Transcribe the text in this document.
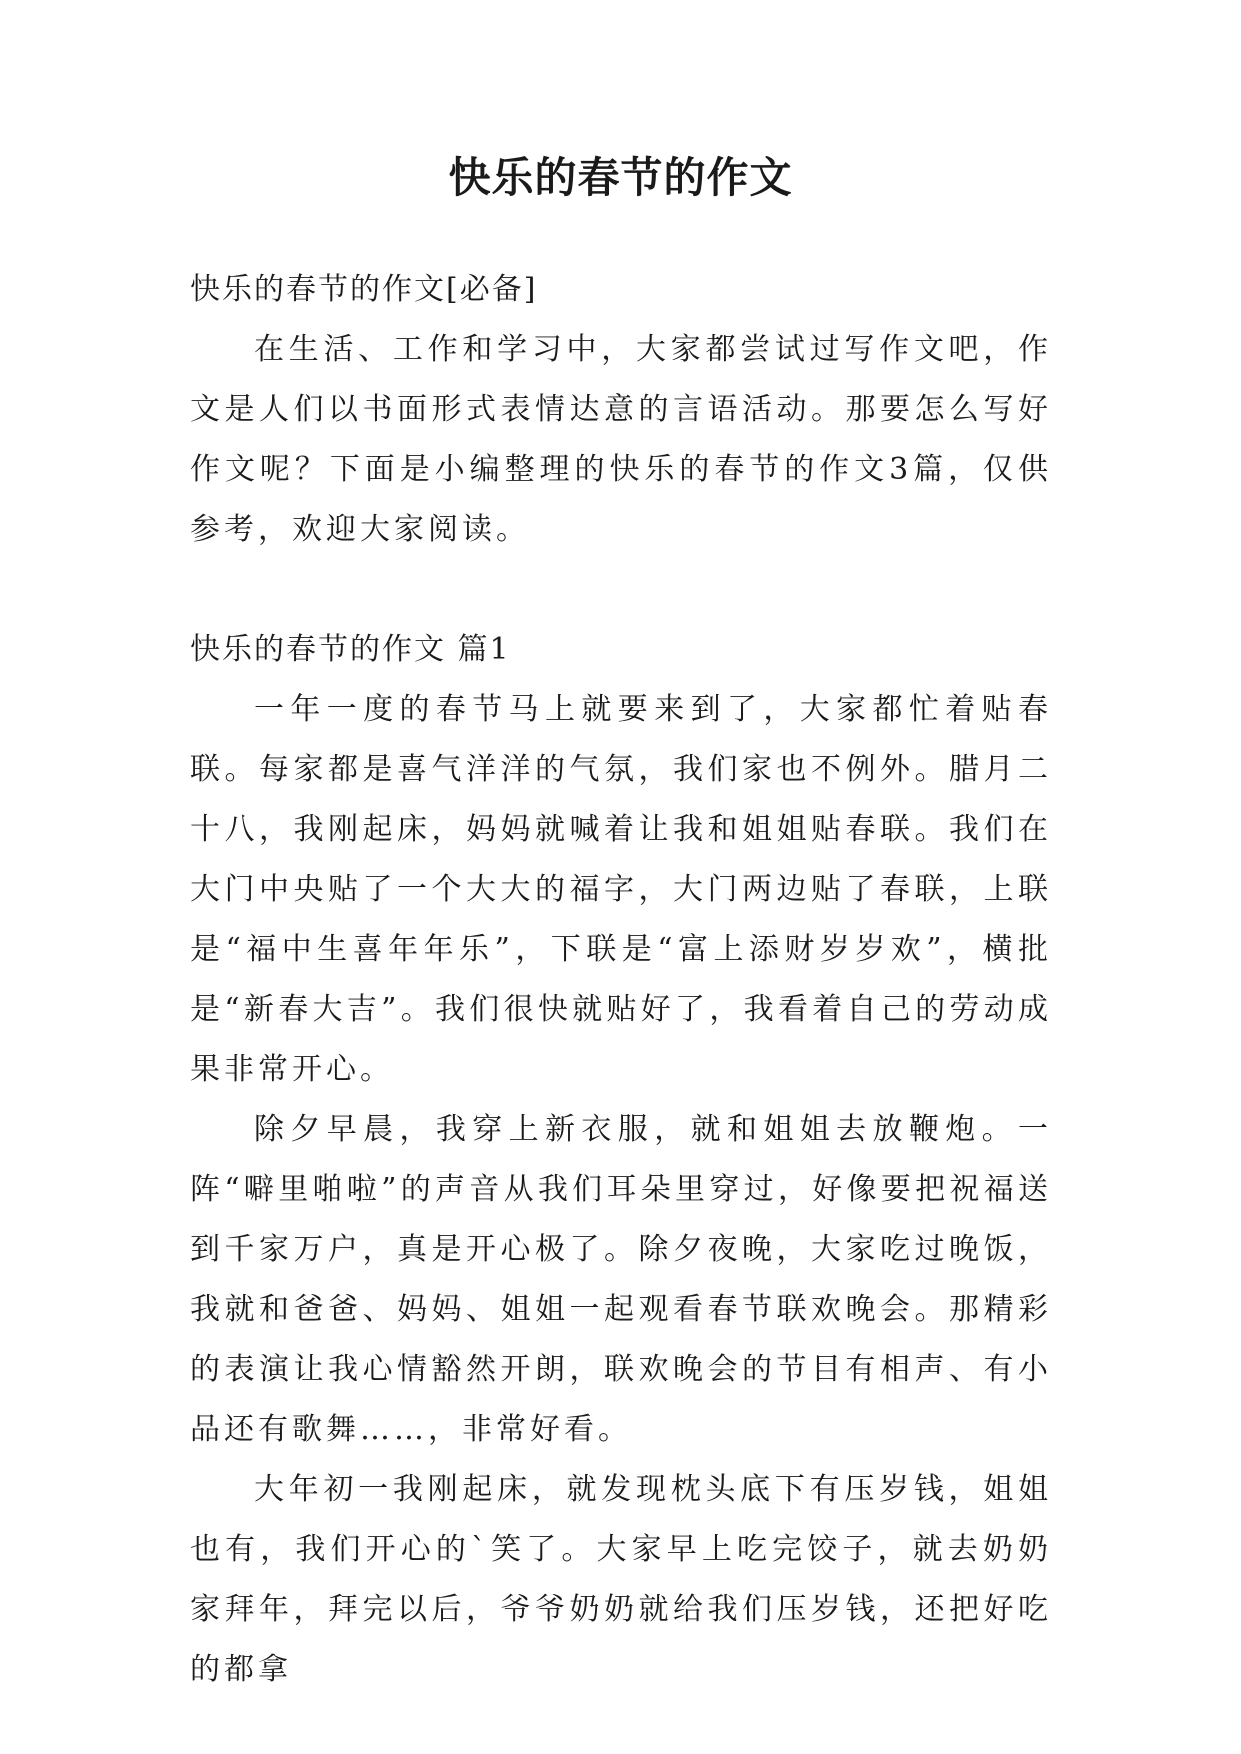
快乐的春节的作文

快乐的春节的作文[必备]

在生活、工作和学习中，大家都尝试过写作文吧，作文是人们以书面形式表情达意的言语活动。那要怎么写好作文呢？下面是小编整理的快乐的春节的作文3篇，仅供参考，欢迎大家阅读。

快乐的春节的作文 篇1

一年一度的春节马上就要来到了，大家都忙着贴春联。每家都是喜气洋洋的气氛，我们家也不例外。腊月二十八，我刚起床，妈妈就喊着让我和姐姐贴春联。我们在大门中央贴了一个大大的福字，大门两边贴了春联，上联是“福中生喜年年乐”，下联是“富上添财岁岁欢”，横批是“新春大吉”。我们很快就贴好了，我看着自己的劳动成果非常开心。

除夕早晨，我穿上新衣服，就和姐姐去放鞭炮。一阵“噼里啪啦”的声音从我们耳朵里穿过，好像要把祝福送到千家万户，真是开心极了。除夕夜晚，大家吃过晚饭，我就和爸爸、妈妈、姐姐一起观看春节联欢晚会。那精彩的表演让我心情豁然开朗，联欢晚会的节目有相声、有小品还有歌舞……，非常好看。

大年初一我刚起床，就发现枕头底下有压岁钱，姐姐也有，我们开心的`笑了。大家早上吃完饺子，就去奶奶家拜年，拜完以后，爷爷奶奶就给我们压岁钱，还把好吃的都拿
